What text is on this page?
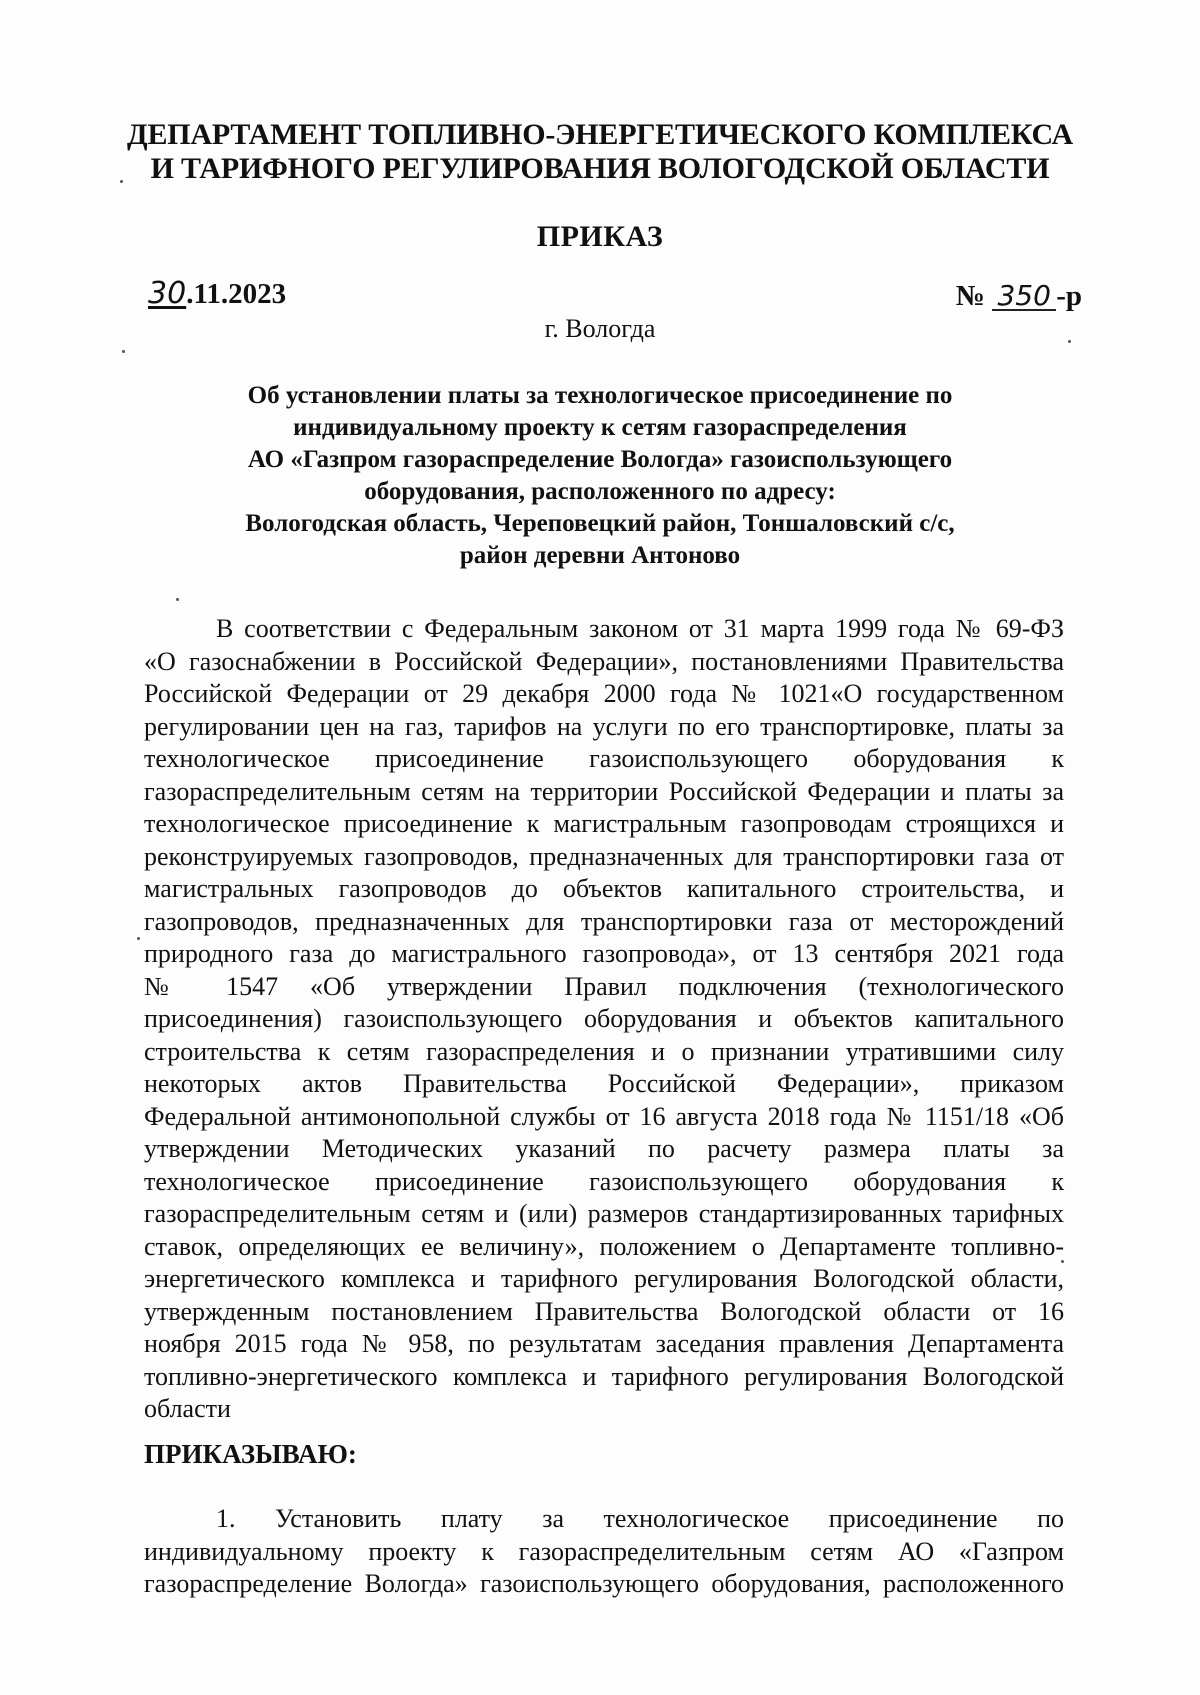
ДЕПАРТАМЕНТ ТОПЛИВНО-ЭНЕРГЕТИЧЕСКОГО КОМПЛЕКСА
И ТАРИФНОГО РЕГУЛИРОВАНИЯ ВОЛОГОДСКОЙ ОБЛАСТИ
ПРИКАЗ
30.11.2023	№ 350 -р
г. Вологда
Об установлении платы за технологическое присоединение по
индивидуальному проекту к сетям газораспределения
АО «Газпром газораспределение Вологда» газоиспользующего
оборудования, расположенного по адресу:
Вологодская область, Череповецкий район, Тоншаловский с/с,
район деревни Антоново
В соответствии с Федеральным законом от 31 марта 1999 года № 69-ФЗ
«О газоснабжении в Российской Федерации», постановлениями Правительства
Российской Федерации от 29 декабря 2000 года № 1021«О государственном
регулировании цен на газ, тарифов на услуги по его транспортировке, платы за
технологическое присоединение газоиспользующего оборудования к
газораспределительным сетям на территории Российской Федерации и платы за
технологическое присоединение к магистральным газопроводам строящихся и
реконструируемых газопроводов, предназначенных для транспортировки газа от
магистральных газопроводов до объектов капитального строительства, и
газопроводов, предназначенных для транспортировки газа от месторождений
природного газа до магистрального газопровода», от 13 сентября 2021 года
№ 1547 «Об утверждении Правил подключения (технологического
присоединения) газоиспользующего оборудования и объектов капитального
строительства к сетям газораспределения и о признании утратившими силу
некоторых актов Правительства Российской Федерации», приказом
Федеральной антимонопольной службы от 16 августа 2018 года № 1151/18 «Об
утверждении Методических указаний по расчету размера платы за
технологическое присоединение газоиспользующего оборудования к
газораспределительным сетям и (или) размеров стандартизированных тарифных
ставок, определяющих ее величину», положением о Департаменте топливно-
энергетического комплекса и тарифного регулирования Вологодской области,
утвержденным постановлением Правительства Вологодской области от 16
ноября 2015 года № 958, по результатам заседания правления Департамента
топливно-энергетического комплекса и тарифного регулирования Вологодской
области
ПРИКАЗЫВАЮ:
1. Установить плату за технологическое присоединение по
индивидуальному проекту к газораспределительным сетям АО «Газпром
газораспределение Вологда» газоиспользующего оборудования, расположенного
